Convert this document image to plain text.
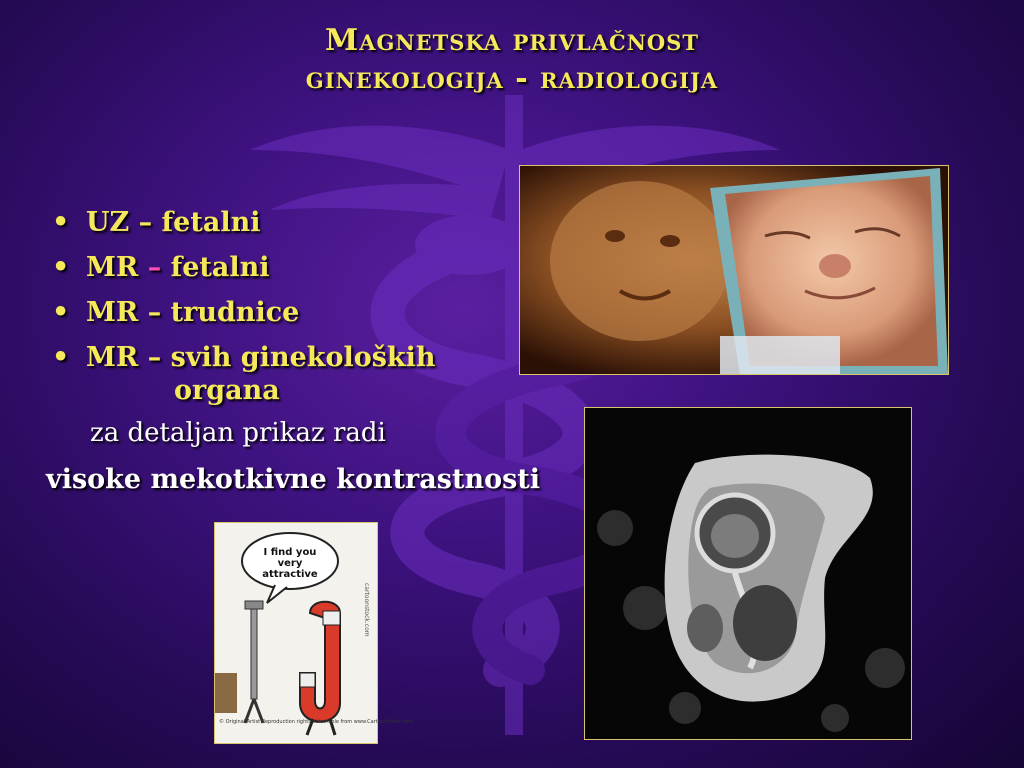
Magnetska privlačnost
ginekologija - radiologija
• UZ – fetalni
• MR – fetalni
• MR – trudnice
• MR – svih ginekoloških
organa
za detaljan prikaz radi
visoke mekotkivne kontrastnosti
I find you
very
attractive
© Original Artist Reproduction rights obtainable from www.CartoonStock.com
cartoonstock.com
